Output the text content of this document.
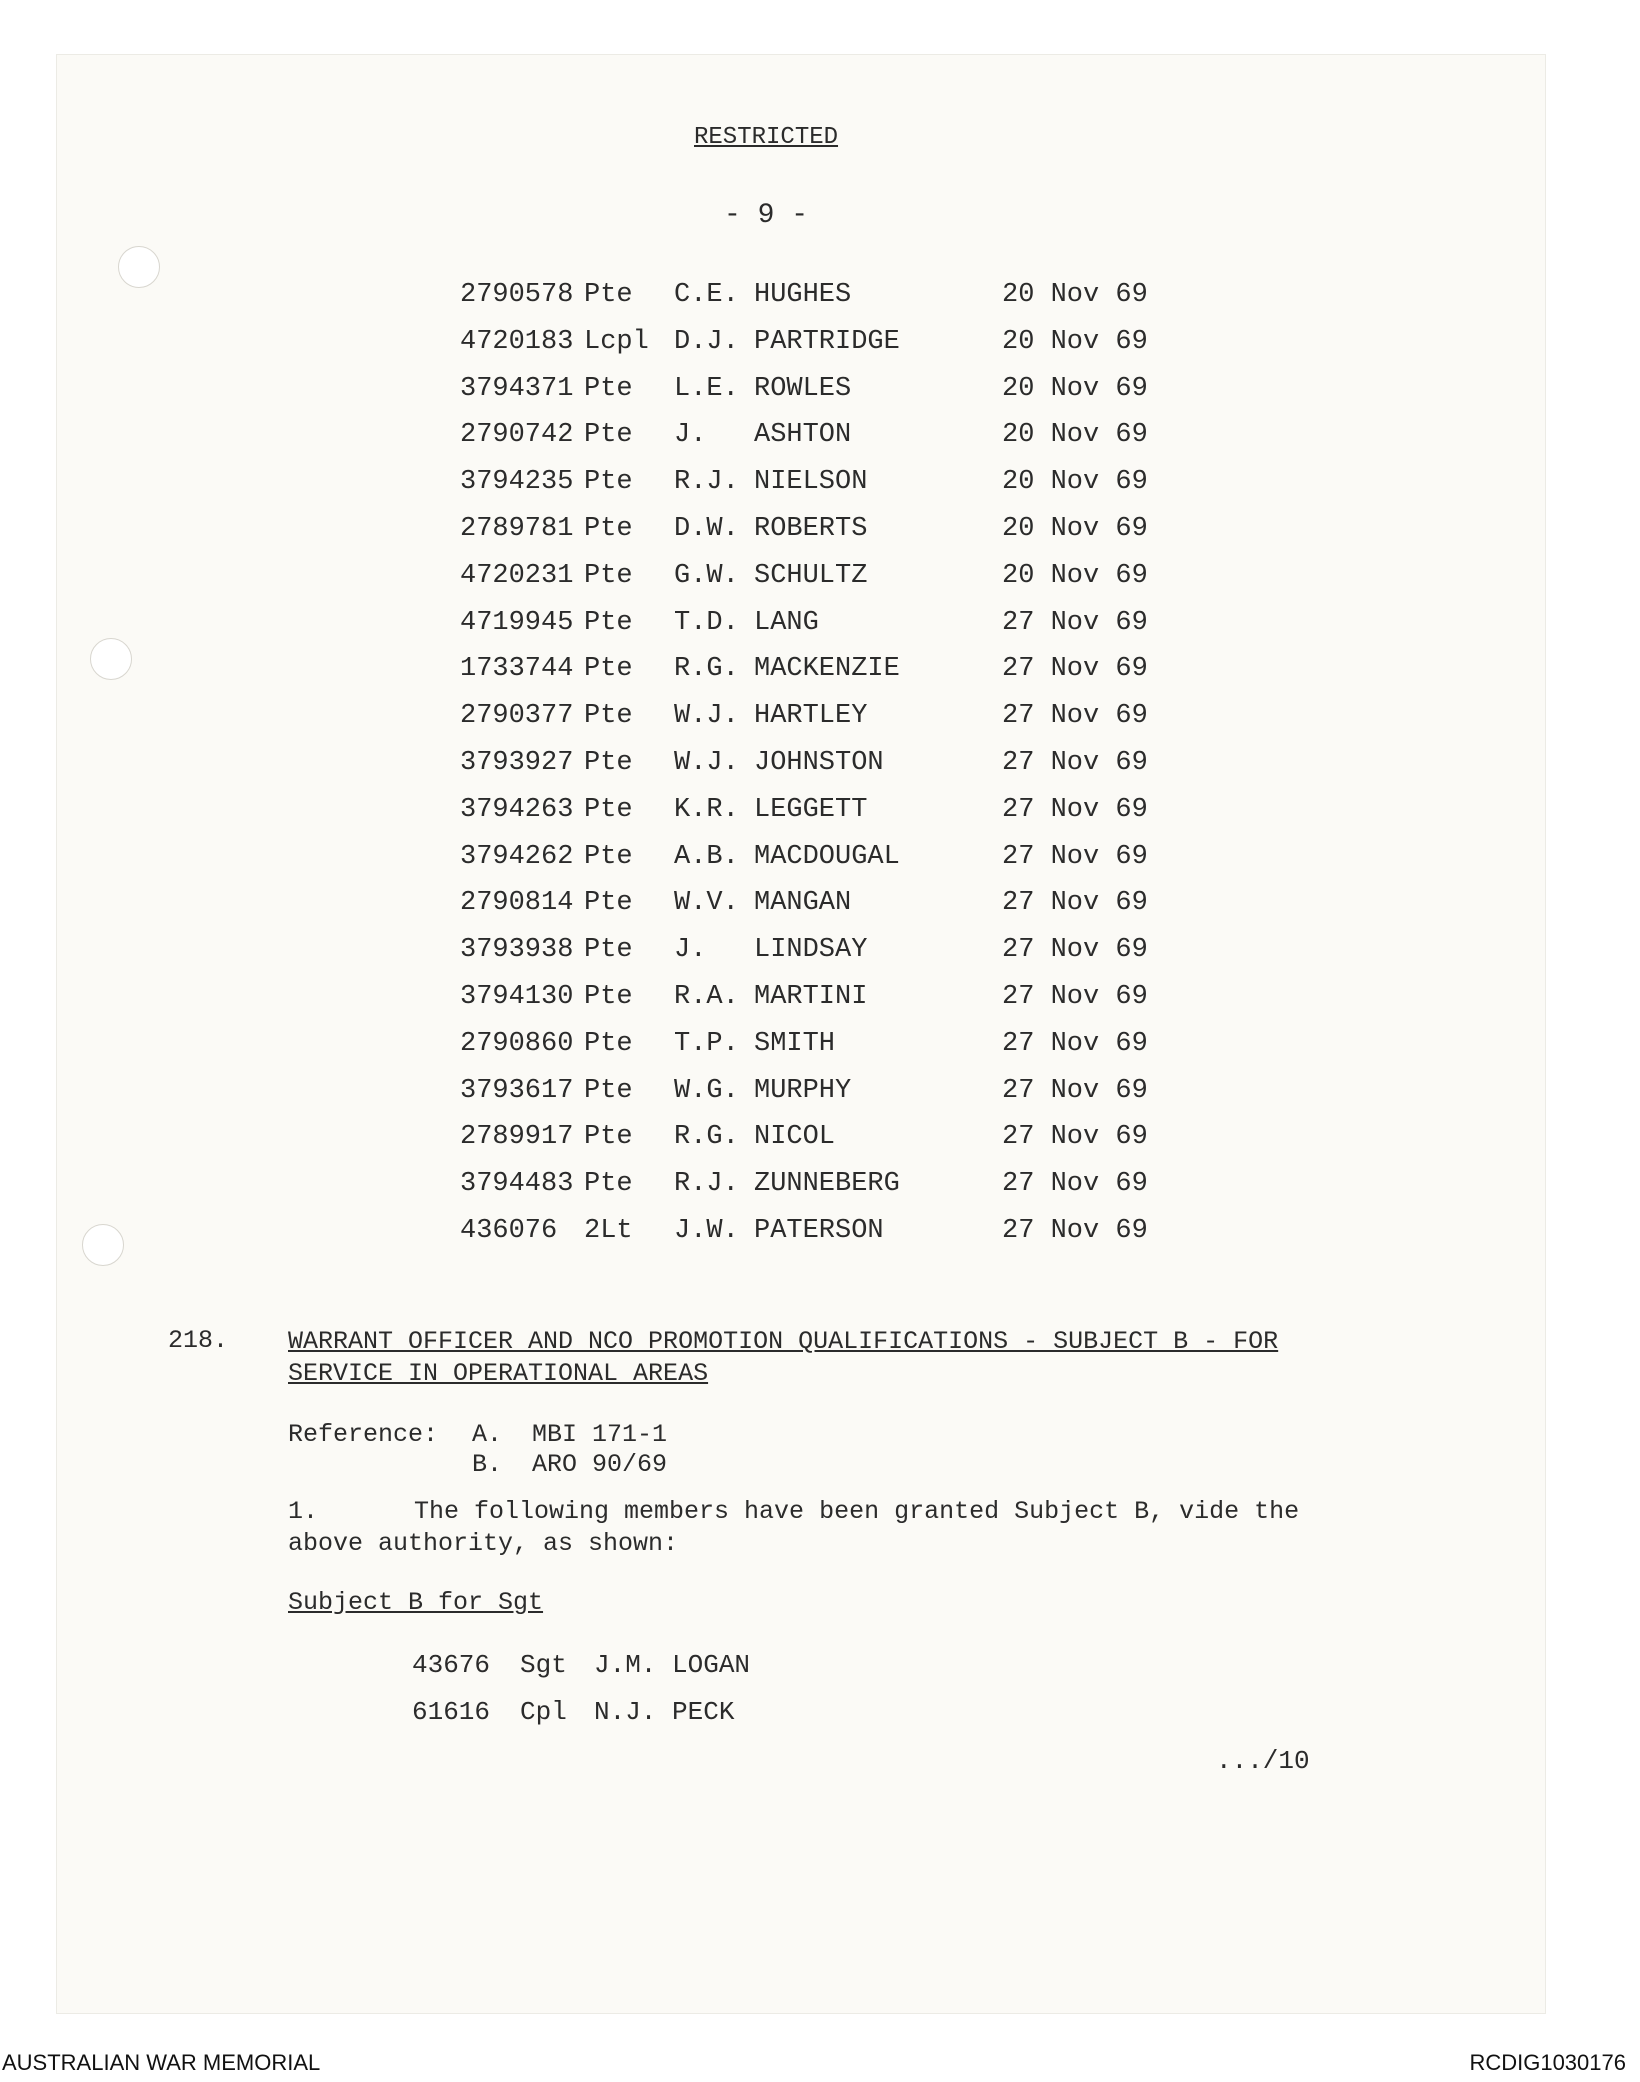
RESTRICTED
- 9 -
2790578 Pte C.E. HUGHES	20 Nov 69
4720183 Lcpl D.J. PARTRIDGE	20 Nov 69
3794371 Pte L.E. ROWLES	20 Nov 69
2790742 Pte J. ASHTON	20 Nov 69
3794235 Pte R.J. NIELSON	20 Nov 69
2789781 Pte D.W. ROBERTS	20 Nov 69
4720231 Pte G.W. SCHULTZ	20 Nov 69
4719945 Pte T.D. LANG	27 Nov 69
1733744 Pte R.G. MACKENZIE	27 Nov 69
2790377 Pte W.J. HARTLEY	27 Nov 69
3793927 Pte W.J. JOHNSTON	27 Nov 69
3794263 Pte K.R. LEGGETT	27 Nov 69
3794262 Pte A.B. MACDOUGAL	27 Nov 69
2790814 Pte W.V. MANGAN	27 Nov 69
3793938 Pte J. LINDSAY	27 Nov 69
3794130 Pte R.A. MARTINI	27 Nov 69
2790860 Pte T.P. SMITH	27 Nov 69
3793617 Pte W.G. MURPHY	27 Nov 69
2789917 Pte R.G. NICOL	27 Nov 69
3794483 Pte R.J. ZUNNEBERG	27 Nov 69
436076 2Lt J.W. PATERSON	27 Nov 69
218. WARRANT OFFICER AND NCO PROMOTION QUALIFICATIONS - SUBJECT B - FOR SERVICE IN OPERATIONAL AREAS
Reference: A.  MBI 171-1
B.  ARO 90/69
1.	The following members have been granted Subject B, vide the above authority, as shown:
Subject B for Sgt
43676 Sgt J.M. LOGAN
61616 Cpl N.J. PECK
.../10
AUSTRALIAN WAR MEMORIAL	RCDIG1030176
